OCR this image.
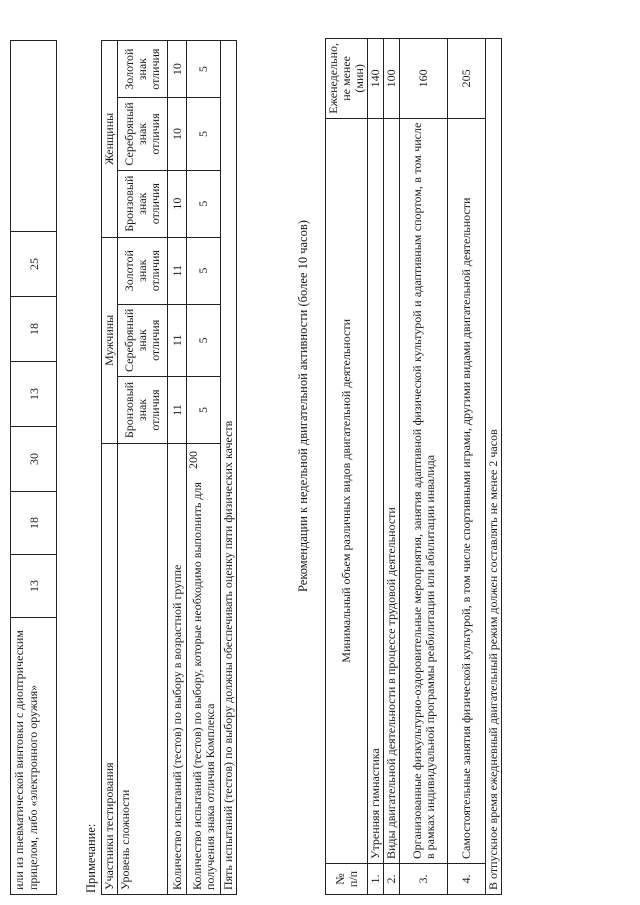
200
или из пневматической винтовки с диоптрическим прицелом, либо «электронного оружия»	13	18	30	13	18	25	
Примечание: Участники тестирования	Мужчины			Женщины		
Уровень сложности	Бронзовый знак отличия	Серебряный знак отличия	Золотой знак отличия	Бронзовый знак отличия	Серебряный знак отличия	Золотой знак отличия
Количество испытаний (тестов) по выбору в возрастной группе	11	11	11	10	10	10
Количество испытаний (тестов) по выбору, которые необходимо выполнить для получения знака отличия Комплекса	5	5	5	5	5	5
Пять испытаний (тестов) по выбору должны обеспечивать оценку пяти физических качеств						
Рекомендации к недельной двигательной активности (более 10 часов)
№ п/п	Минимальный объем различных видов двигательной деятельности	Еженедельно, не менее (мин)
1.	Утренняя гимнастика	140
2.	Виды двигательной деятельности в процессе трудовой деятельности	100
3.	Организованные физкультурно-оздоровительные мероприятия, занятия адаптивной физической культурой и адаптивным спортом, в том числе в рамках индивидуальной программы реабилитации или абилитации инвалида	160
4.	Самостоятельные занятия физической культурой, в том числе спортивными играми, другими видами двигательной деятельности	205
В отпускное время ежедневный двигательный режим должен составлять не менее 2 часов		
